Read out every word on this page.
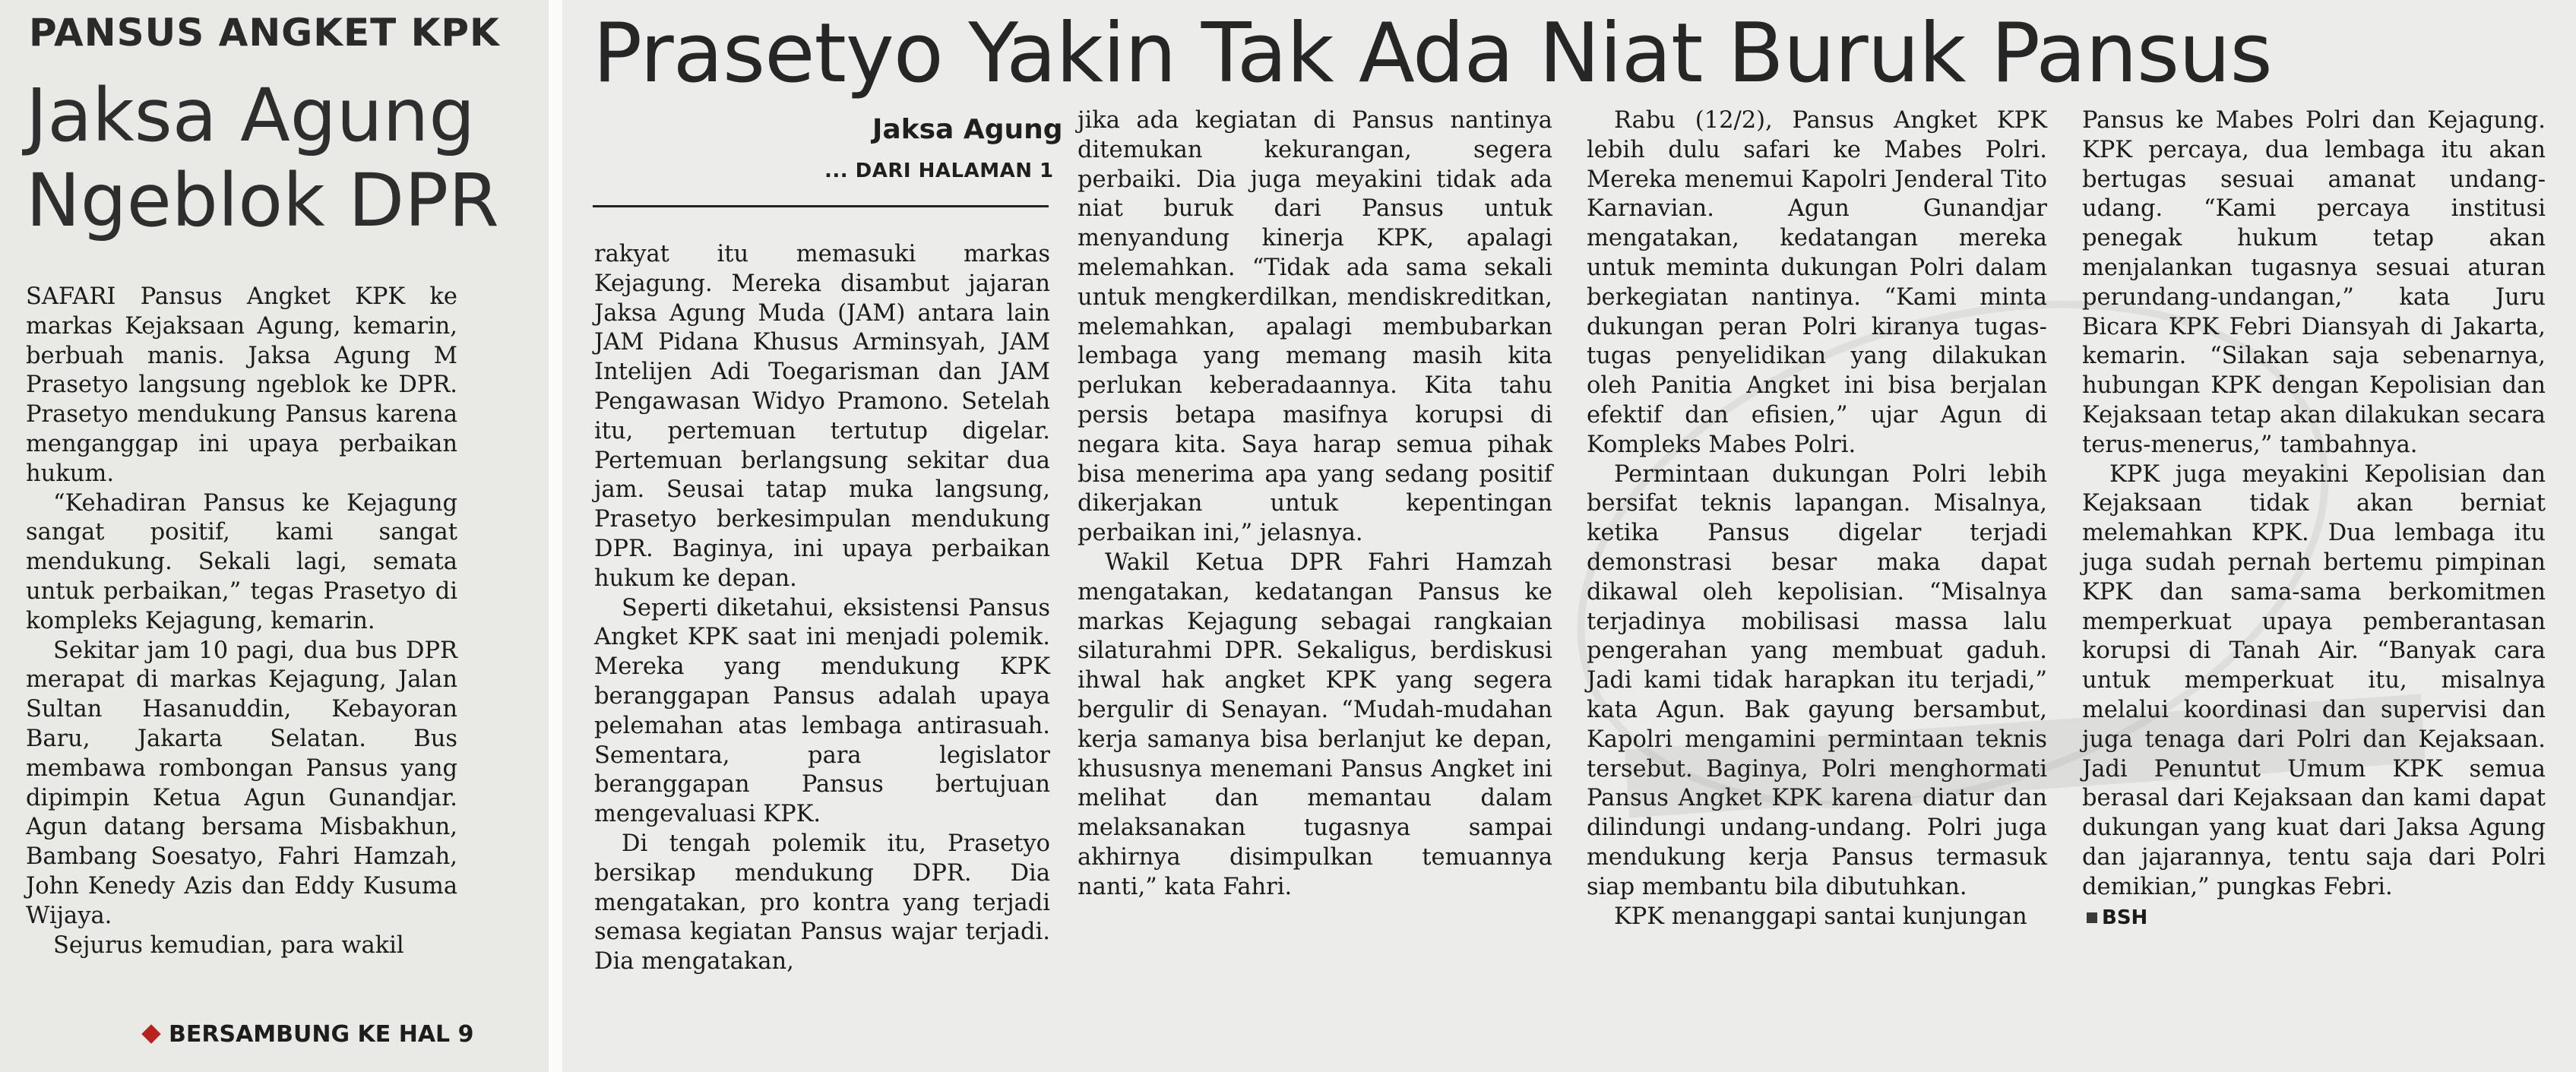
PANSUS ANGKET KPK
Jaksa Agung Ngeblok DPR

SAFARI Pansus Angket KPK ke markas Kejaksaan Agung, kemarin, berbuah manis. Jaksa Agung M Prasetyo langsung ngeblok ke DPR. Prasetyo mendukung Pansus karena menganggap ini upaya perbaikan hukum.

“Kehadiran Pansus ke Kejagung sangat positif, kami sangat mendukung. Sekali lagi, semata untuk perbaikan,” tegas Prasetyo di kompleks Kejagung, kemarin.

Sekitar jam 10 pagi, dua bus DPR merapat di markas Kejagung, Jalan Sultan Hasanuddin, Kebayoran Baru, Jakarta Selatan. Bus membawa rombongan Pansus yang dipimpin Ketua Agun Gunandjar. Agun datang bersama Misbakhun, Bambang Soesatyo, Fahri Hamzah, John Kenedy Azis dan Eddy Kusuma Wijaya.

Sejurus kemudian, para wakil

BERSAMBUNG KE HAL 9
Prasetyo Yakin Tak Ada Niat Buruk Pansus
Jaksa Agung
... DARI HALAMAN 1

rakyat itu memasuki markas Kejagung. Mereka disambut jajaran Jaksa Agung Muda (JAM) antara lain JAM Pidana Khusus Arminsyah, JAM Intelijen Adi Toegarisman dan JAM Pengawasan Widyo Pramono. Setelah itu, pertemuan tertutup digelar. Pertemuan berlangsung sekitar dua jam. Seusai tatap muka langsung, Prasetyo berkesimpulan mendukung DPR. Baginya, ini upaya perbaikan hukum ke depan.

Seperti diketahui, eksistensi Pansus Angket KPK saat ini menjadi polemik. Mereka yang mendukung KPK beranggapan Pansus adalah upaya pelemahan atas lembaga antirasuah. Sementara, para legislator beranggapan Pansus bertujuan mengevaluasi KPK.

Di tengah polemik itu, Prasetyo bersikap mendukung DPR. Dia mengatakan, pro kontra yang terjadi semasa kegiatan Pansus wajar terjadi. Dia mengatakan,

jika ada kegiatan di Pansus nantinya ditemukan kekurangan, segera perbaiki. Dia juga meyakini tidak ada niat buruk dari Pansus untuk menyandung kinerja KPK, apalagi melemahkan. “Tidak ada sama sekali untuk mengkerdilkan, mendiskreditkan, melemahkan, apalagi membubarkan lembaga yang memang masih kita perlukan keberadaannya. Kita tahu persis betapa masifnya korupsi di negara kita. Saya harap semua pihak bisa menerima apa yang sedang positif dikerjakan untuk kepentingan perbaikan ini,” jelasnya.

Wakil Ketua DPR Fahri Hamzah mengatakan, kedatangan Pansus ke markas Kejagung sebagai rangkaian silaturahmi DPR. Sekaligus, berdiskusi ihwal hak angket KPK yang segera bergulir di Senayan. “Mudah-mudahan kerja samanya bisa berlanjut ke depan, khususnya menemani Pansus Angket ini melihat dan memantau dalam melaksanakan tugasnya sampai akhirnya disimpulkan temuannya nanti,” kata Fahri.

Rabu (12/2), Pansus Angket KPK lebih dulu safari ke Mabes Polri. Mereka menemui Kapolri Jenderal Tito Karnavian. Agun Gunandjar mengatakan, kedatangan mereka untuk meminta dukungan Polri dalam berkegiatan nantinya. “Kami minta dukungan peran Polri kiranya tugas-tugas penyelidikan yang dilakukan oleh Panitia Angket ini bisa berjalan efektif dan efisien,” ujar Agun di Kompleks Mabes Polri.

Permintaan dukungan Polri lebih bersifat teknis lapangan. Misalnya, ketika Pansus digelar terjadi demonstrasi besar maka dapat dikawal oleh kepolisian. “Misalnya terjadinya mobilisasi massa lalu pengerahan yang membuat gaduh. Jadi kami tidak harapkan itu terjadi,” kata Agun. Bak gayung bersambut, Kapolri mengamini permintaan teknis tersebut. Baginya, Polri menghormati Pansus Angket KPK karena diatur dan dilindungi undang-undang. Polri juga mendukung kerja Pansus termasuk siap membantu bila dibutuhkan.

KPK menanggapi santai kunjungan

Pansus ke Mabes Polri dan Kejagung. KPK percaya, dua lembaga itu akan bertugas sesuai amanat undang-udang. “Kami percaya institusi penegak hukum tetap akan menjalankan tugasnya sesuai aturan perundang-undangan,” kata Juru Bicara KPK Febri Diansyah di Jakarta, kemarin. “Silakan saja sebenarnya, hubungan KPK dengan Kepolisian dan Kejaksaan tetap akan dilakukan secara terus-menerus,” tambahnya.

KPK juga meyakini Kepolisian dan Kejaksaan tidak akan berniat melemahkan KPK. Dua lembaga itu juga sudah pernah bertemu pimpinan KPK dan sama-sama berkomitmen memperkuat upaya pemberantasan korupsi di Tanah Air. “Banyak cara untuk memperkuat itu, misalnya melalui koordinasi dan supervisi dan juga tenaga dari Polri dan Kejaksaan. Jadi Penuntut Umum KPK semua berasal dari Kejaksaan dan kami dapat dukungan yang kuat dari Jaksa Agung dan jajarannya, tentu saja dari Polri demikian,” pungkas Febri.

BSH
